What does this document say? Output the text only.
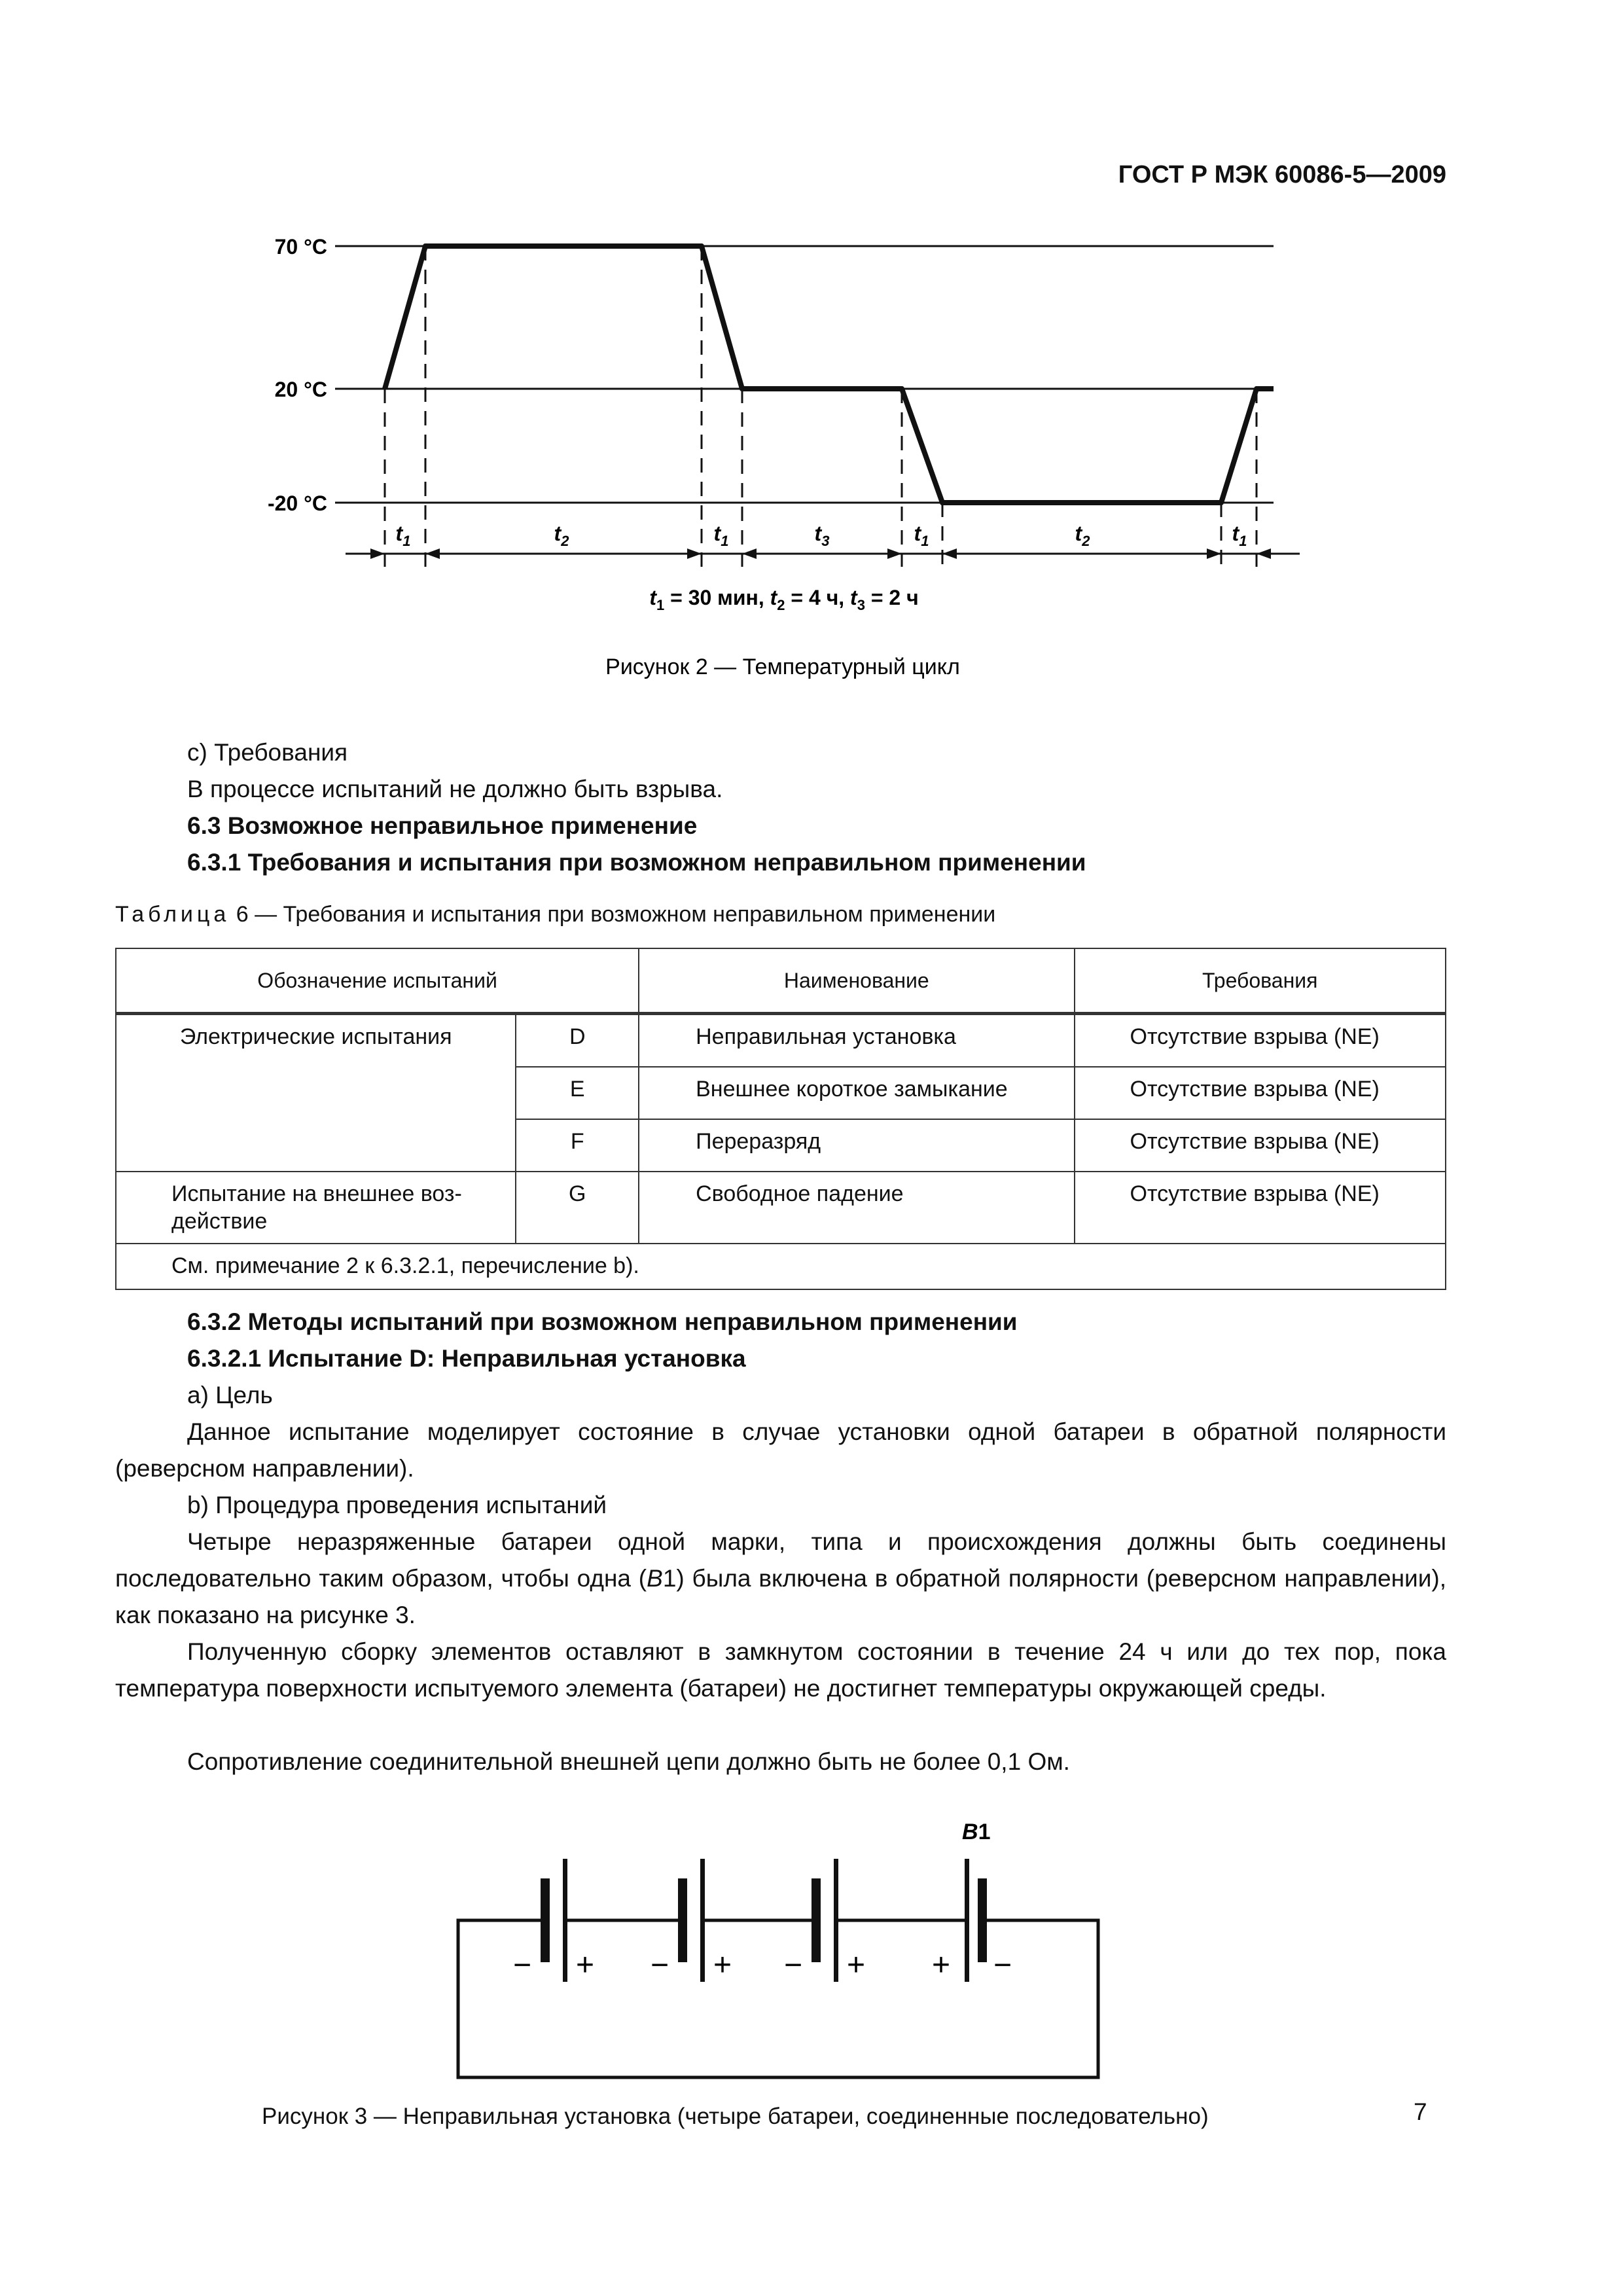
ГОСТ Р МЭК 60086-5—2009
70 °C
20 °C
-20 °C
$t_1$	$t_2$	$t_1$	$t_3$	$t_1$	$t_2$	$t_1$
$t_1 = 30$ мин, $t_2 = 4$ ч, $t_3 = 2$ ч
Рисунок 2 — Температурный цикл
c) Требования
В процессе испытаний не должно быть взрыва.
6.3 Возможное неправильное применение
6.3.1 Требования и испытания при возможном неправильном применении
Таблица 6 — Требования и испытания при возможном неправильном применении
Обозначение испытаний		Наименование	Требования
Электрические испытания	D	Неправильная установка	Отсутствие взрыва (NE)
	E	Внешнее короткое замыкание	Отсутствие взрыва (NE)
	F	Переразряд	Отсутствие взрыва (NE)
Испытание на внешнее воз-действие	G	Свободное падение	Отсутствие взрыва (NE)
См. примечание 2 к 6.3.2.1, перечисление b).			
6.3.2 Методы испытаний при возможном неправильном применении
6.3.2.1 Испытание D: Неправильная установка
a) Цель

Данное испытание моделирует состояние в случае установки одной батареи в обратной полярности (реверсном направлении).

b) Процедура проведения испытаний

Четыре неразряженные батареи одной марки, типа и происхождения должны быть соединены последовательно таким образом, чтобы одна (B1) была включена в обратной полярности (реверсном направлении), как показано на рисунке 3.

Полученную сборку элементов оставляют в замкнутом состоянии в течение 24 ч или до тех пор, пока температура поверхности испытуемого элемента (батареи) не достигнет температуры окружающей среды.

Сопротивление соединительной внешней цепи должно быть не более 0,1 Ом.

B1
− + − + − + + −
Рисунок 3 — Неправильная установка (четыре батареи, соединенные последовательно)	7
